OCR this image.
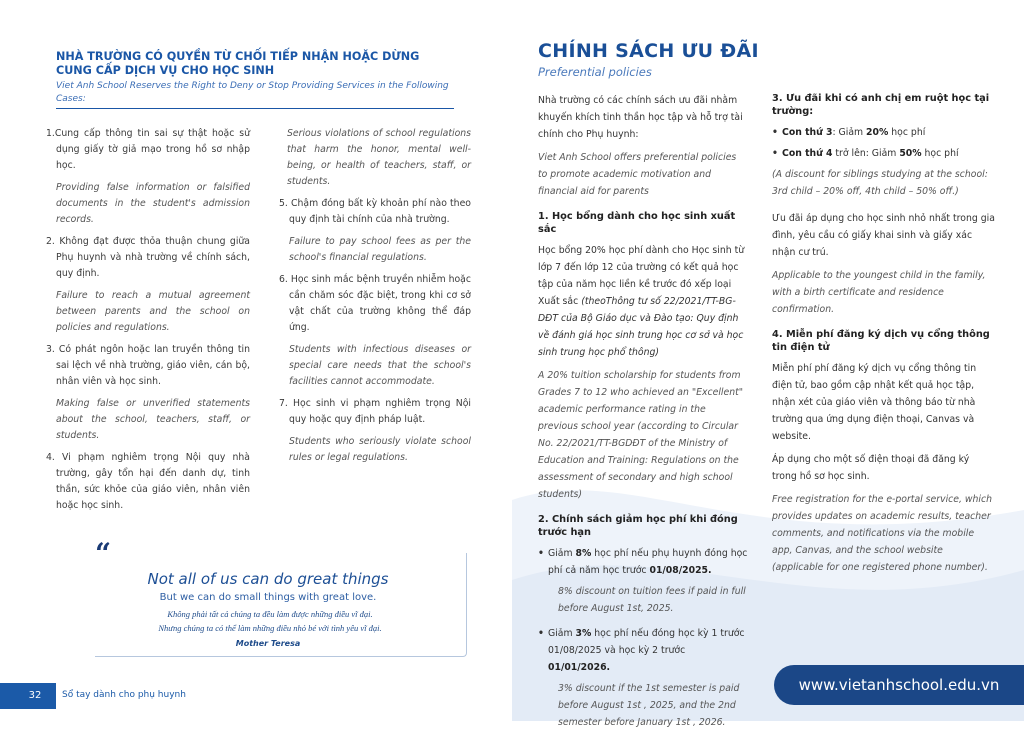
NHÀ TRƯỜNG CÓ QUYỀN TỪ CHỐI TIẾP NHẬN HOẶC DỪNG CUNG CẤP DỊCH VỤ CHO HỌC SINH
Viet Anh School Reserves the Right to Deny or Stop Providing Services in the Following Cases:
1.Cung cấp thông tin sai sự thật hoặc sử dụng giấy tờ giả mạo trong hồ sơ nhập học.
Providing false information or falsified documents in the student's admission records.
2. Không đạt được thỏa thuận chung giữa Phụ huynh và nhà trường về chính sách, quy định.
Failure to reach a mutual agreement between parents and the school on policies and regulations.
3. Có phát ngôn hoặc lan truyền thông tin sai lệch về nhà trường, giáo viên, cán bộ, nhân viên và học sinh.
Making false or unverified statements about the school, teachers, staff, or students.
4. Vi phạm nghiêm trọng Nội quy nhà trường, gây tổn hại đến danh dự, tinh thần, sức khỏe của giáo viên, nhân viên hoặc học sinh.
Serious violations of school regulations that harm the honor, mental well-being, or health of teachers, staff, or students.
5. Chậm đóng bất kỳ khoản phí nào theo quy định tài chính của nhà trường.
Failure to pay school fees as per the school's financial regulations.
6. Học sinh mắc bệnh truyền nhiễm hoặc cần chăm sóc đặc biệt, trong khi cơ sở vật chất của trường không thể đáp ứng.
Students with infectious diseases or special care needs that the school's facilities cannot accommodate.
7. Học sinh vi phạm nghiêm trọng Nội quy hoặc quy định pháp luật.
Students who seriously violate school rules or legal regulations.
“
Not all of us can do great things
But we can do small things with great love.
Không phải tất cả chúng ta đều làm được những điều vĩ đại.
Nhưng chúng ta có thể làm những điều nhỏ bé với tình yêu vĩ đại.
Mother Teresa
32	Sổ tay dành cho phụ huynh
CHÍNH SÁCH ƯU ĐÃI
Preferential policies
Nhà trường có các chính sách ưu đãi nhằm khuyến khích tinh thần học tập và hỗ trợ tài chính cho Phụ huynh:
Viet Anh School offers preferential policies to promote academic motivation and financial aid for parents
1. Học bổng dành cho học sinh xuất sắc
Học bổng 20% học phí dành cho Học sinh từ lớp 7 đến lớp 12 của trường có kết quả học tập của năm học liền kề trước đó xếp loại Xuất sắc (theoThông tư số 22/2021/TT-BG-DĐT của Bộ Giáo dục và Đào tạo: Quy định về đánh giá học sinh trung học cơ sở và học sinh trung học phổ thông)
A 20% tuition scholarship for students from Grades 7 to 12 who achieved an "Excellent" academic performance rating in the previous school year (according to Circular No. 22/2021/TT-BGDĐT of the Ministry of Education and Training: Regulations on the assessment of secondary and high school students)
2. Chính sách giảm học phí khi đóng trước hạn
• Giảm 8% học phí nếu phụ huynh đóng học phí cả năm học trước 01/08/2025.
8% discount on tuition fees if paid in full before August 1st, 2025.
• Giảm 3% học phí nếu đóng học kỳ 1 trước 01/08/2025 và học kỳ 2 trước 01/01/2026.
3% discount if the 1st semester is paid before August 1st , 2025, and the 2nd semester before January 1st , 2026.
3. Ưu đãi khi có anh chị em ruột học tại trường:
• Con thứ 3: Giảm 20% học phí
• Con thứ 4 trở lên: Giảm 50% học phí
(A discount for siblings studying at the school: 3rd child – 20% off, 4th child – 50% off.)
Ưu đãi áp dụng cho học sinh nhỏ nhất trong gia đình, yêu cầu có giấy khai sinh và giấy xác nhận cư trú.
Applicable to the youngest child in the family, with a birth certificate and residence confirmation.
4. Miễn phí đăng ký dịch vụ cổng thông tin điện tử
Miễn phí phí đăng ký dịch vụ cổng thông tin điện tử, bao gồm cập nhật kết quả học tập, nhận xét của giáo viên và thông báo từ nhà trường qua ứng dụng điện thoại, Canvas và website.
Áp dụng cho một số điện thoại đã đăng ký trong hồ sơ học sinh.
Free registration for the e-portal service, which provides updates on academic results, teacher comments, and notifications via the mobile app, Canvas, and the school website (applicable for one registered phone number).
www.vietanhschool.edu.vn
